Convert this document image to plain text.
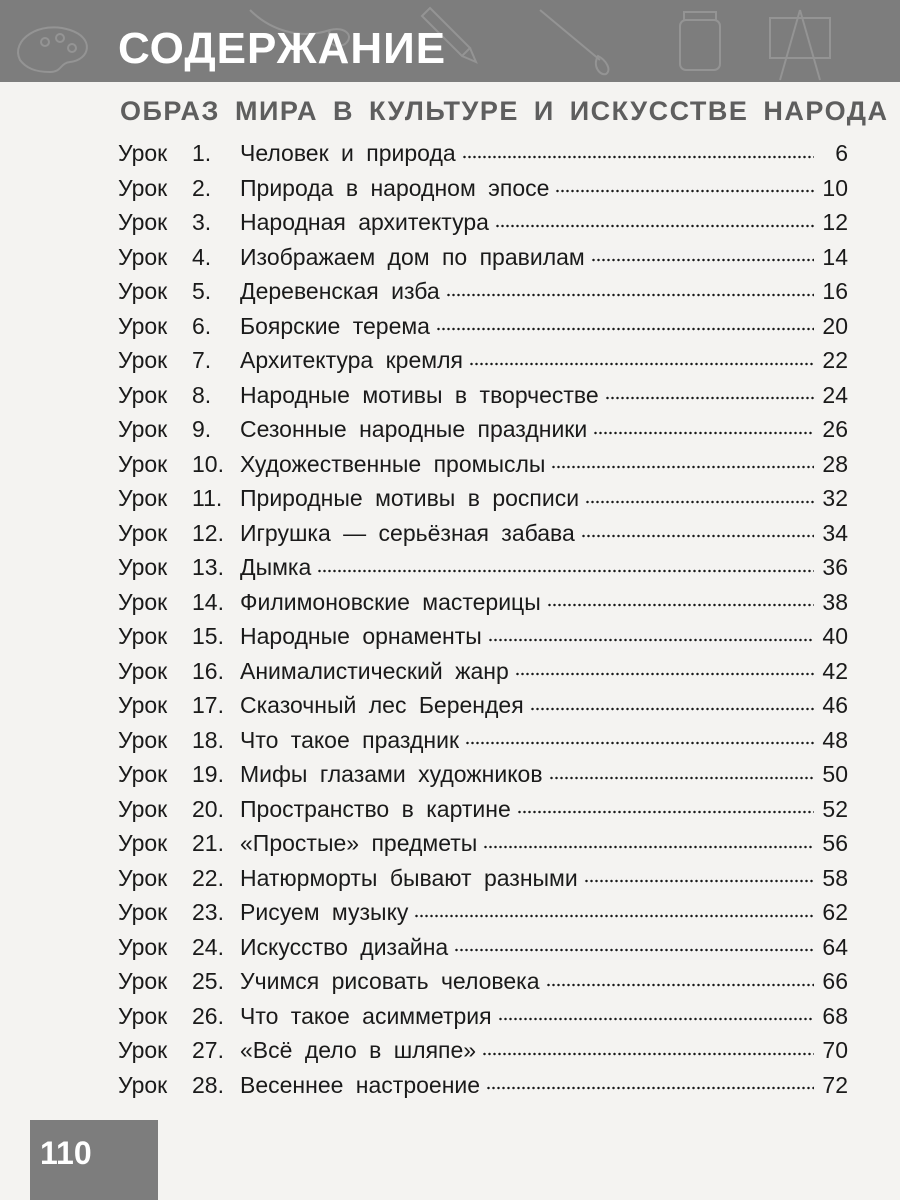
СОДЕРЖАНИЕ
ОБРАЗ МИРА В КУЛЬТУРЕ И ИСКУССТВЕ НАРОДА
Урок	1.	Человек и природа	6
Урок	2.	Природа в народном эпосе	10
Урок	3.	Народная архитектура	12
Урок	4.	Изображаем дом по правилам	14
Урок	5.	Деревенская изба	16
Урок	6.	Боярские терема	20
Урок	7.	Архитектура кремля	22
Урок	8.	Народные мотивы в творчестве	24
Урок	9.	Сезонные народные праздники	26
Урок	10. Художественные промыслы	28
Урок	11. Природные мотивы в росписи	32
Урок	12. Игрушка — серьёзная забава	34
Урок	13. Дымка	36
Урок	14. Филимоновские мастерицы	38
Урок	15. Народные орнаменты	40
Урок	16. Анималистический жанр	42
Урок	17. Сказочный лес Берендея	46
Урок	18. Что такое праздник	48
Урок	19. Мифы глазами художников	50
Урок	20. Пространство в картине	52
Урок	21. «Простые» предметы	56
Урок	22. Натюрморты бывают разными	58
Урок	23. Рисуем музыку	62
Урок	24. Искусство дизайна	64
Урок	25. Учимся рисовать человека	66
Урок	26. Что такое асимметрия	68
Урок	27. «Всё дело в шляпе»	70
Урок	28. Весеннее настроение	72
110
